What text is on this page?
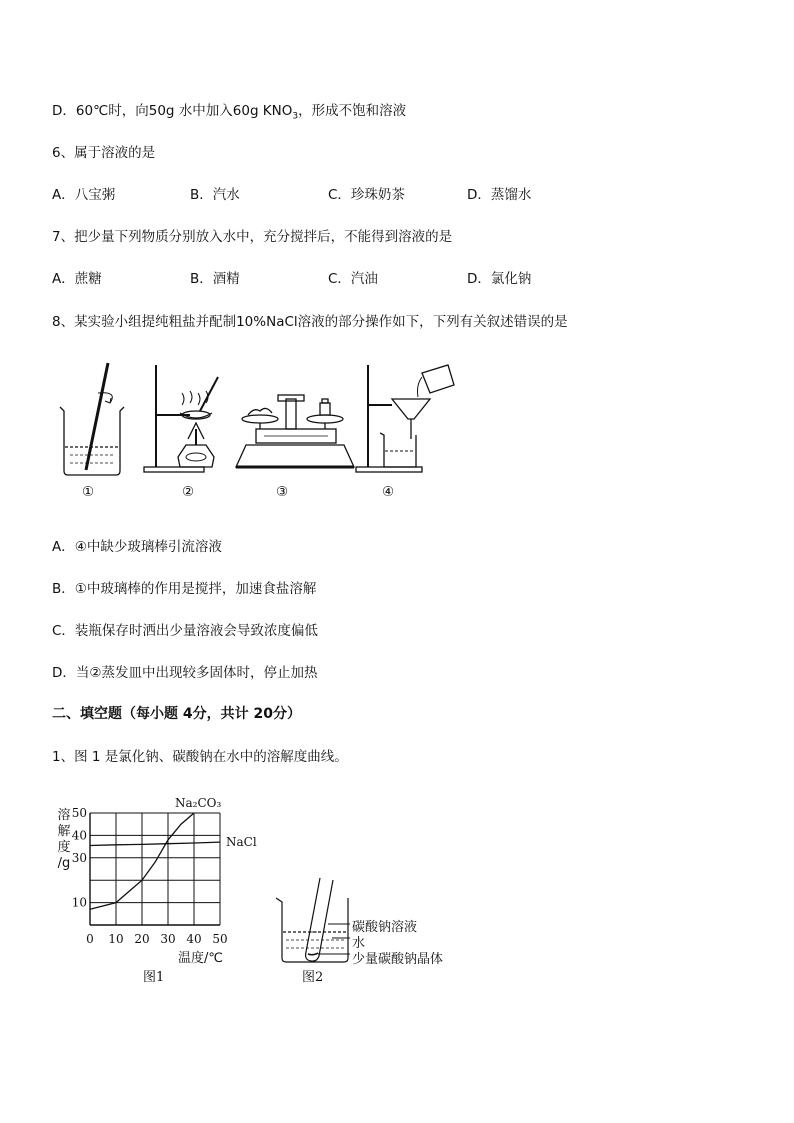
D．60℃时，向50g 水中加入60g $KNO_3$，形成不饱和溶液
6、属于溶液的是
A．八宝粥	B．汽水	C．珍珠奶茶	D．蒸馏水
7、把少量下列物质分别放入水中，充分搅拌后，不能得到溶液的是
A．蔗糖	B．酒精	C．汽油	D．氯化钠
8、某实验小组提纯粗盐并配制10%NaCl溶液的部分操作如下，下列有关叙述错误的是
①	②	③	④
A．④中缺少玻璃棒引流溶液
B．①中玻璃棒的作用是搅拌，加速食盐溶解
C．装瓶保存时洒出少量溶液会导致浓度偏低
D．当②蒸发皿中出现较多固体时，停止加热
二、填空题（每小题 4分，共计 20分）
1、图 1 是氯化钠、碳酸钠在水中的溶解度曲线。
溶
解
度
/g
0 10 20 30 40 50
50
40
30
10
Na₂CO₃
NaCl
温度/℃
图1
碳酸钠溶液
水
少量碳酸钠晶体
图2
